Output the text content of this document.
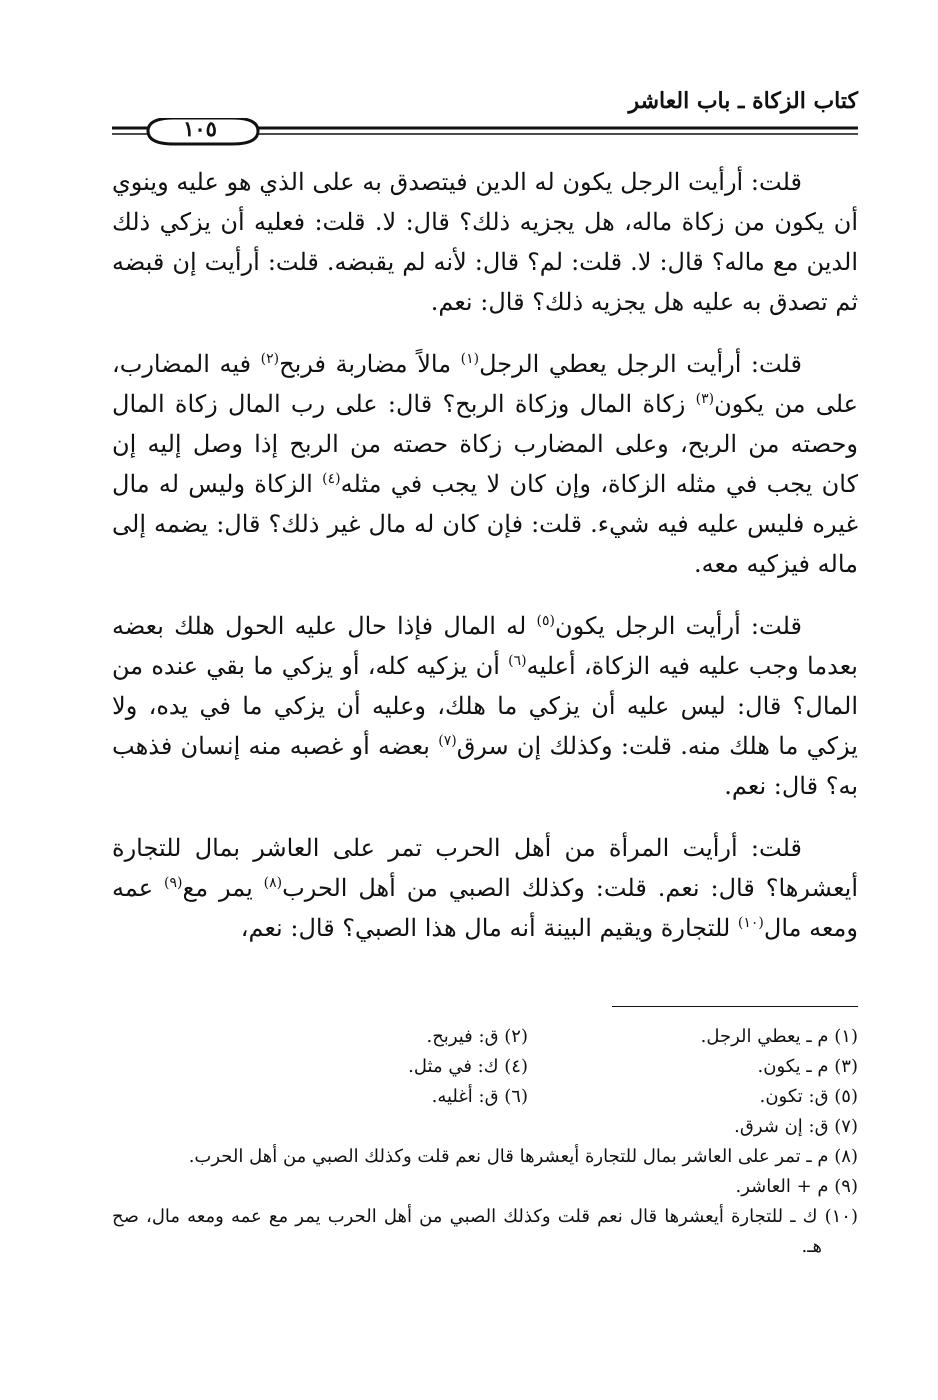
كتاب الزكاة ـ باب العاشر
١٠٥

قلت: أرأيت الرجل يكون له الدين فيتصدق به على الذي هو عليه وينوي أن يكون من زكاة ماله، هل يجزيه ذلك؟ قال: لا. قلت: فعليه أن يزكي ذلك الدين مع ماله؟ قال: لا. قلت: لم؟ قال: لأنه لم يقبضه. قلت: أرأيت إن قبضه ثم تصدق به عليه هل يجزيه ذلك؟ قال: نعم.

قلت: أرأيت الرجل يعطي الرجل$^{(١)}$ مالاً مضاربة فربح$^{(٢)}$ فيه المضارب، على من يكون$^{(٣)}$ زكاة المال وزكاة الربح؟ قال: على رب المال زكاة المال وحصته من الربح، وعلى المضارب زكاة حصته من الربح إذا وصل إليه إن كان يجب في مثله الزكاة، وإن كان لا يجب في مثله$^{(٤)}$ الزكاة وليس له مال غيره فليس عليه فيه شيء. قلت: فإن كان له مال غير ذلك؟ قال: يضمه إلى ماله فيزكيه معه.

قلت: أرأيت الرجل يكون$^{(٥)}$ له المال فإذا حال عليه الحول هلك بعضه بعدما وجب عليه فيه الزكاة، أعليه$^{(٦)}$ أن يزكيه كله، أو يزكي ما بقي عنده من المال؟ قال: ليس عليه أن يزكي ما هلك، وعليه أن يزكي ما في يده، ولا يزكي ما هلك منه. قلت: وكذلك إن سرق$^{(٧)}$ بعضه أو غصبه منه إنسان فذهب به؟ قال: نعم.

قلت: أرأيت المرأة من أهل الحرب تمر على العاشر بمال للتجارة أيعشرها؟ قال: نعم. قلت: وكذلك الصبي من أهل الحرب$^{(٨)}$ يمر مع$^{(٩)}$ عمه ومعه مال$^{(١٠)}$ للتجارة ويقيم البينة أنه مال هذا الصبي؟ قال: نعم،

(١) م ـ يعطي الرجل.
(٢) ق: فيربح.
(٣) م ـ يكون.
(٤) ك: في مثل.
(٥) ق: تكون.
(٦) ق: أغليه.
(٧) ق: إن شرق.
(٨) م ـ تمر على العاشر بمال للتجارة أيعشرها قال نعم قلت وكذلك الصبي من أهل الحرب.
(٩) م + العاشر.
(١٠) ك ـ للتجارة أيعشرها قال نعم قلت وكذلك الصبي من أهل الحرب يمر مع عمه ومعه مال، صح هـ.
